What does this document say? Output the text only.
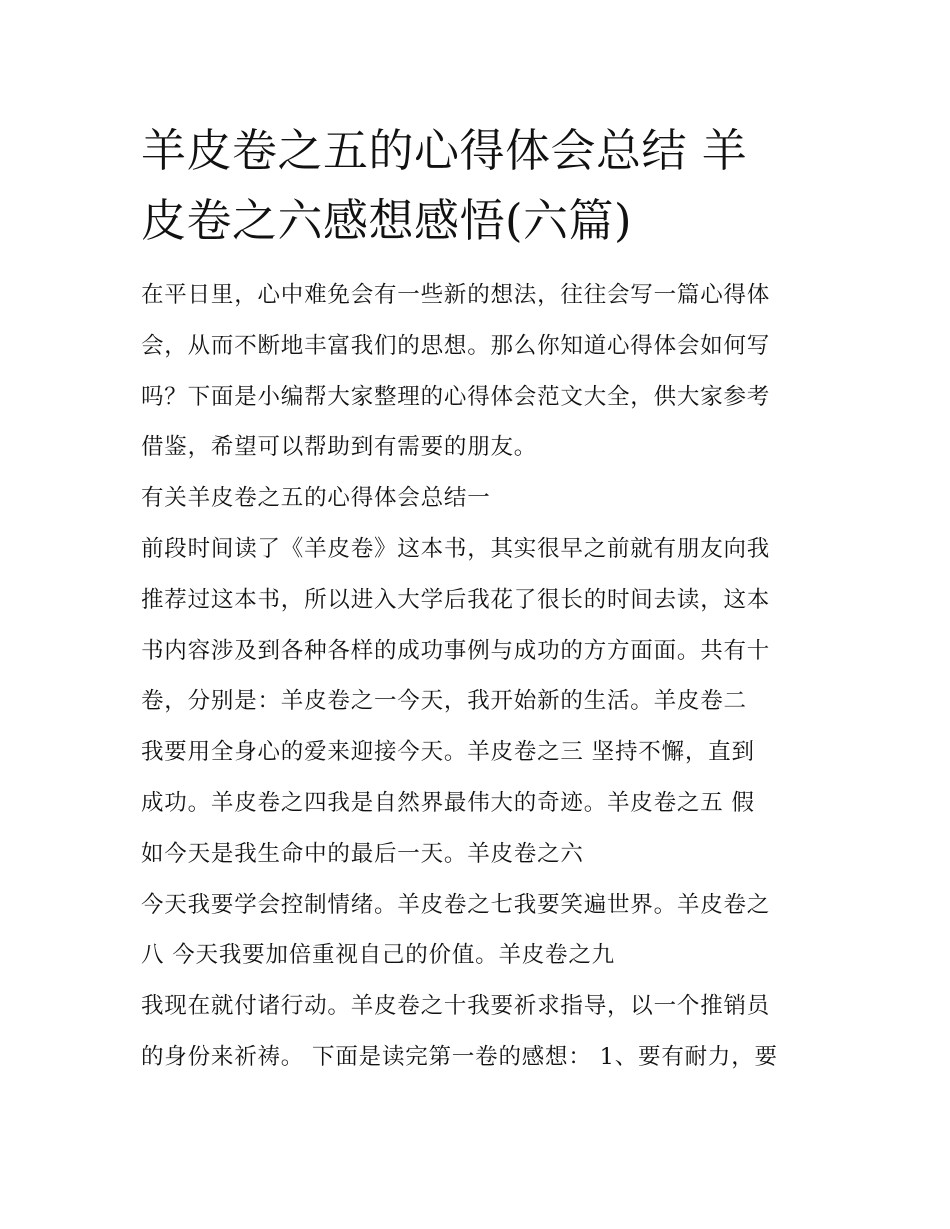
羊皮卷之五的心得体会总结 羊
皮卷之六感想感悟(六篇)
在平日里，心中难免会有一些新的想法，往往会写一篇心得体
会，从而不断地丰富我们的思想。那么你知道心得体会如何写
吗？下面是小编帮大家整理的心得体会范文大全，供大家参考
借鉴，希望可以帮助到有需要的朋友。
有关羊皮卷之五的心得体会总结一
前段时间读了《羊皮卷》这本书，其实很早之前就有朋友向我
推荐过这本书，所以进入大学后我花了很长的时间去读，这本
书内容涉及到各种各样的成功事例与成功的方方面面。共有十
卷，分别是：羊皮卷之一今天，我开始新的生活。羊皮卷二
我要用全身心的爱来迎接今天。羊皮卷之三 坚持不懈，直到
成功。羊皮卷之四我是自然界最伟大的奇迹。羊皮卷之五 假
如今天是我生命中的最后一天。羊皮卷之六
今天我要学会控制情绪。羊皮卷之七我要笑遍世界。羊皮卷之
八 今天我要加倍重视自己的价值。羊皮卷之九
我现在就付诸行动。羊皮卷之十我要祈求指导，以一个推销员
的身份来祈祷。 下面是读完第一卷的感想： 1、要有耐力，要
